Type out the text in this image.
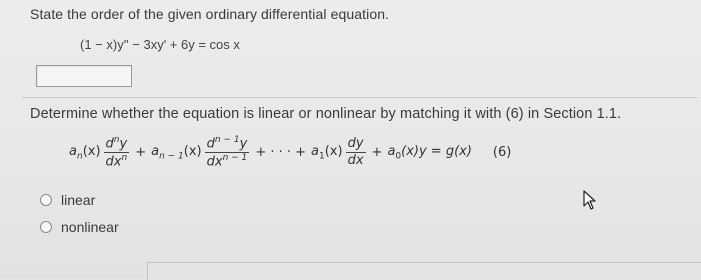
State the order of the given ordinary differential equation.
(1 − x)y'' − 3xy' + 6y = cos x
Determine whether the equation is linear or nonlinear by matching it with (6) in Section 1.1.
$a_n(x) \frac{d^ny}{dx^n} + a_{n - 1}(x) \frac{d^{n - 1}y}{dx^{n - 1}}$ + · · · + $a_1(x) \frac{dy}{dx} + a_0(x)y = g(x)$ (6)
linear
nonlinear
